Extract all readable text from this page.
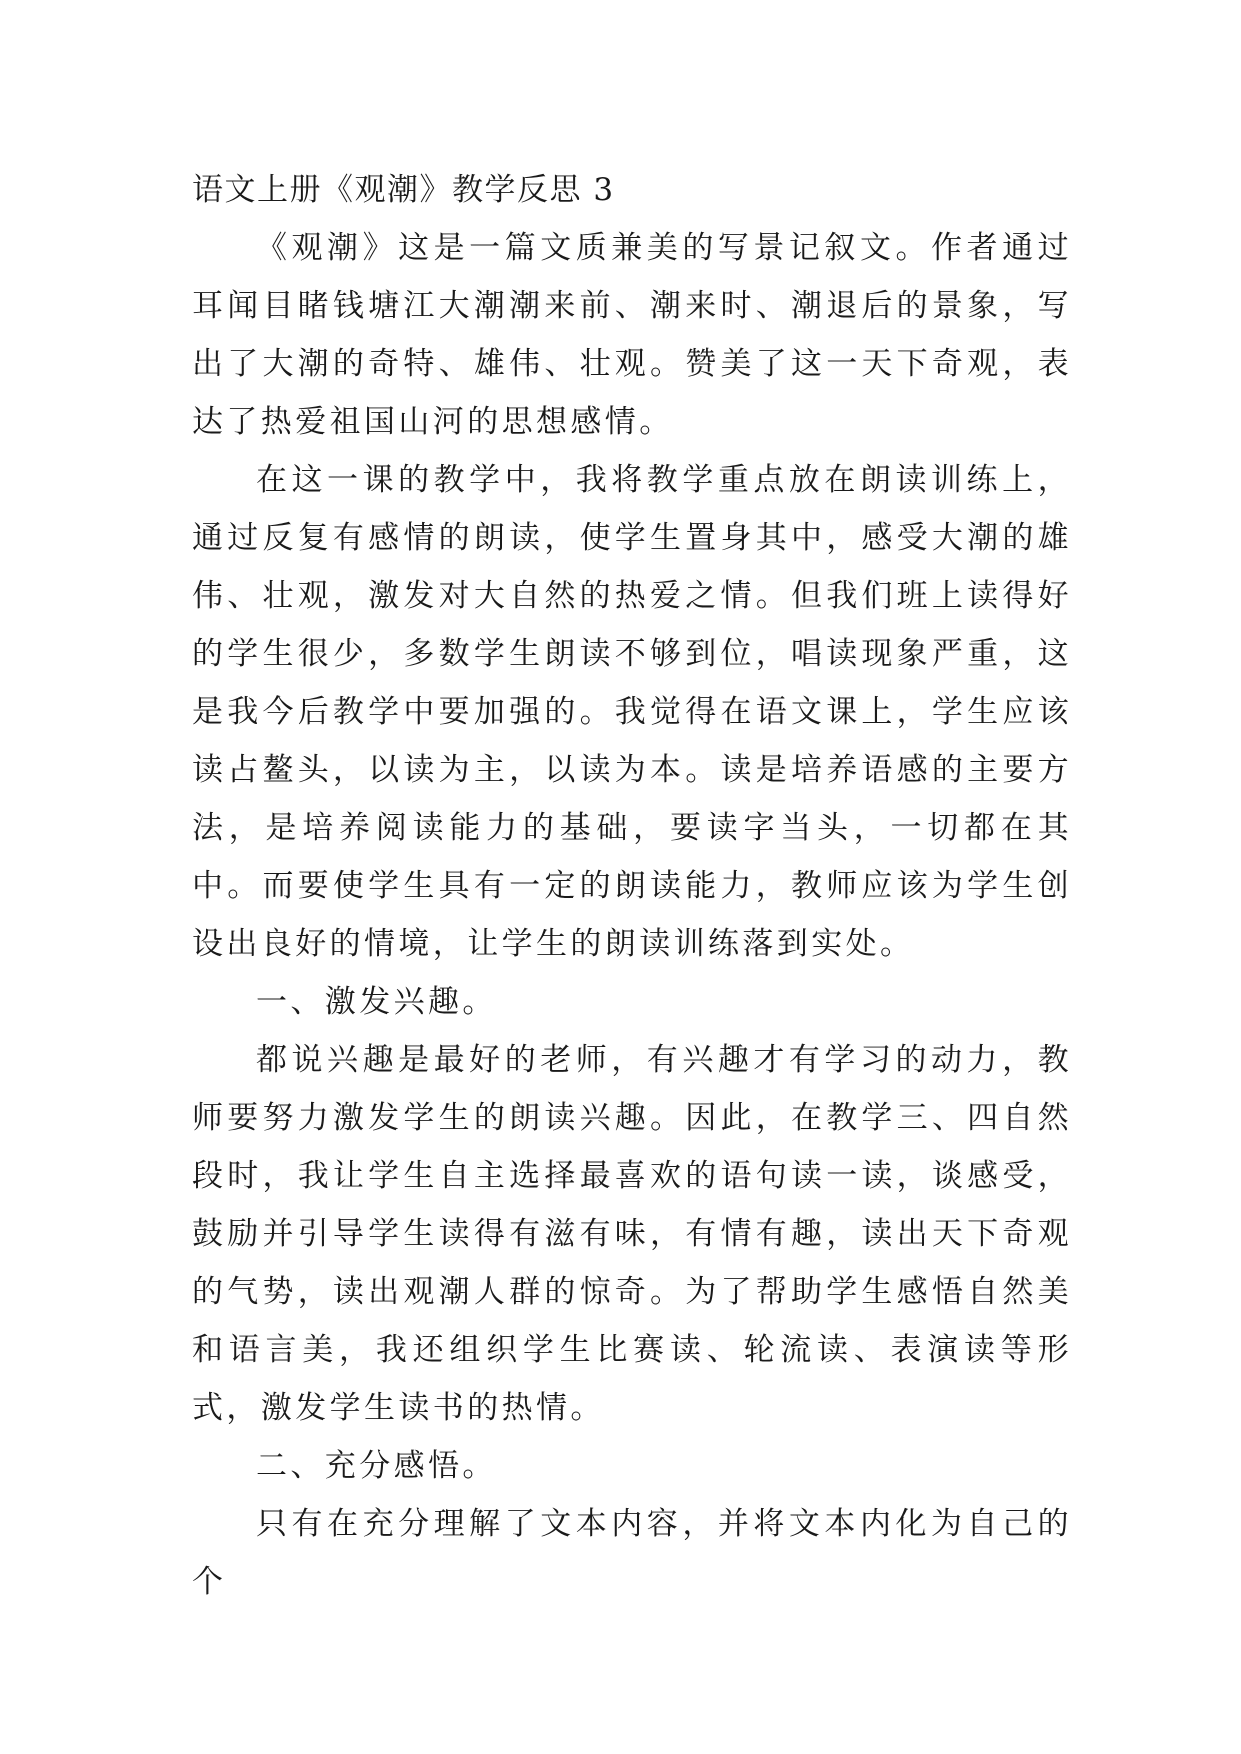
语文上册《观潮》教学反思 3

《观潮》这是一篇文质兼美的写景记叙文。作者通过耳闻目睹钱塘江大潮潮来前、潮来时、潮退后的景象，写出了大潮的奇特、雄伟、壮观。赞美了这一天下奇观，表达了热爱祖国山河的思想感情。

在这一课的教学中，我将教学重点放在朗读训练上，通过反复有感情的朗读，使学生置身其中，感受大潮的雄伟、壮观，激发对大自然的热爱之情。但我们班上读得好的学生很少，多数学生朗读不够到位，唱读现象严重，这是我今后教学中要加强的。我觉得在语文课上，学生应该读占鳌头，以读为主，以读为本。读是培养语感的主要方法，是培养阅读能力的基础，要读字当头，一切都在其中。而要使学生具有一定的朗读能力，教师应该为学生创设出良好的情境，让学生的朗读训练落到实处。

一、激发兴趣。

都说兴趣是最好的老师，有兴趣才有学习的动力，教师要努力激发学生的朗读兴趣。因此，在教学三、四自然段时，我让学生自主选择最喜欢的语句读一读，谈感受，鼓励并引导学生读得有滋有味，有情有趣，读出天下奇观的气势，读出观潮人群的惊奇。为了帮助学生感悟自然美和语言美，我还组织学生比赛读、轮流读、表演读等形式，激发学生读书的热情。

二、充分感悟。

只有在充分理解了文本内容，并将文本内化为自己的个
